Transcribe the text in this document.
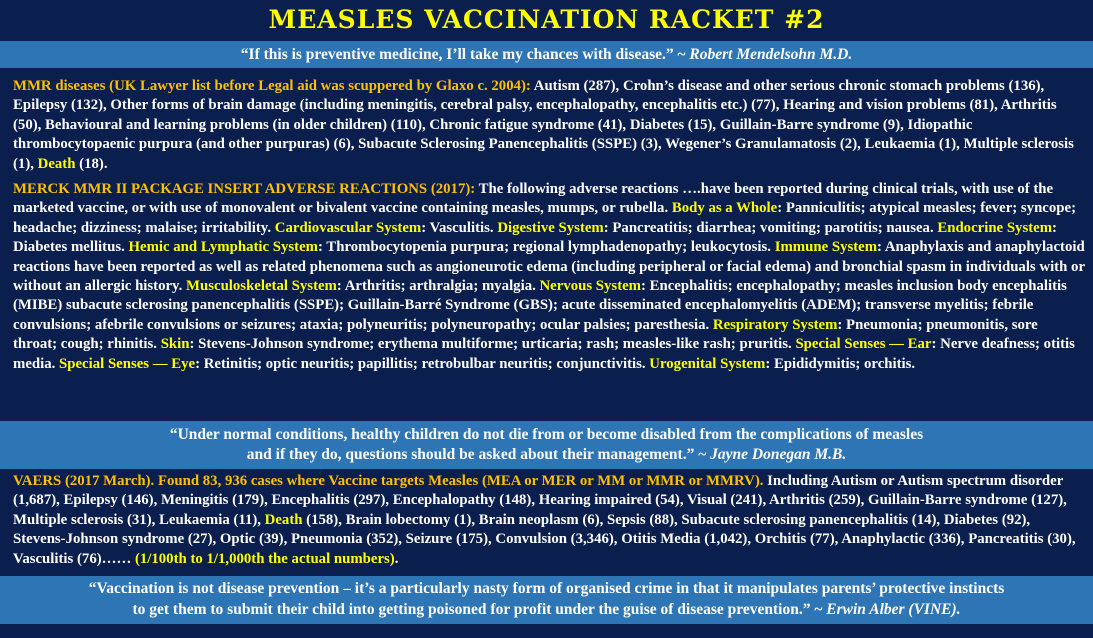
MEASLES VACCINATION RACKET #2
“If this is preventive medicine, I’ll take my chances with disease.” ~ Robert Mendelsohn M.D.
MMR diseases (UK Lawyer list before Legal aid was scuppered by Glaxo c. 2004): Autism (287), Crohn’s disease and other serious chronic stomach problems (136), Epilepsy (132), Other forms of brain damage (including meningitis, cerebral palsy, encephalopathy, encephalitis etc.) (77), Hearing and vision problems (81), Arthritis (50), Behavioural and learning problems (in older children) (110), Chronic fatigue syndrome (41), Diabetes (15), Guillain-Barre syndrome (9), Idiopathic thrombocytopaenic purpura (and other purpuras) (6), Subacute Sclerosing Panencephalitis (SSPE) (3), Wegener’s Granulamatosis (2), Leukaemia (1), Multiple sclerosis (1), Death (18).
MERCK MMR II PACKAGE INSERT ADVERSE REACTIONS (2017): The following adverse reactions ….have been reported during clinical trials, with use of the marketed vaccine, or with use of monovalent or bivalent vaccine containing measles, mumps, or rubella. Body as a Whole: Panniculitis; atypical measles; fever; syncope; headache; dizziness; malaise; irritability. Cardiovascular System: Vasculitis. Digestive System: Pancreatitis; diarrhea; vomiting; parotitis; nausea. Endocrine System: Diabetes mellitus. Hemic and Lymphatic System: Thrombocytopenia purpura; regional lymphadenopathy; leukocytosis. Immune System: Anaphylaxis and anaphylactoid reactions have been reported as well as related phenomena such as angioneurotic edema (including peripheral or facial edema) and bronchial spasm in individuals with or without an allergic history. Musculoskeletal System: Arthritis; arthralgia; myalgia. Nervous System: Encephalitis; encephalopathy; measles inclusion body encephalitis (MIBE) subacute sclerosing panencephalitis (SSPE); Guillain-Barré Syndrome (GBS); acute disseminated encephalomyelitis (ADEM); transverse myelitis; febrile convulsions; afebrile convulsions or seizures; ataxia; polyneuritis; polyneuropathy; ocular palsies; paresthesia. Respiratory System: Pneumonia; pneumonitis, sore throat; cough; rhinitis. Skin: Stevens-Johnson syndrome; erythema multiforme; urticaria; rash; measles-like rash; pruritis. Special Senses — Ear: Nerve deafness; otitis media. Special Senses — Eye: Retinitis; optic neuritis; papillitis; retrobulbar neuritis; conjunctivitis. Urogenital System: Epididymitis; orchitis.
“Under normal conditions, healthy children do not die from or become disabled from the complications of measles
and if they do, questions should be asked about their management.” ~ Jayne Donegan M.B.
VAERS (2017 March). Found 83, 936 cases where Vaccine targets Measles (MEA or MER or MM or MMR or MMRV). Including Autism or Autism spectrum disorder (1,687), Epilepsy (146), Meningitis (179), Encephalitis (297), Encephalopathy (148), Hearing impaired (54), Visual (241), Arthritis (259), Guillain-Barre syndrome (127), Multiple sclerosis (31), Leukaemia (11), Death (158), Brain lobectomy (1), Brain neoplasm (6), Sepsis (88), Subacute sclerosing panencephalitis (14), Diabetes (92), Stevens-Johnson syndrome (27), Optic (39), Pneumonia (352), Seizure (175), Convulsion (3,346), Otitis Media (1,042), Orchitis (77), Anaphylactic (336), Pancreatitis (30), Vasculitis (76)…… (1/100th to 1/1,000th the actual numbers).
“Vaccination is not disease prevention – it’s a particularly nasty form of organised crime in that it manipulates parents’ protective instincts
to get them to submit their child into getting poisoned for profit under the guise of disease prevention.” ~ Erwin Alber (VINE).
